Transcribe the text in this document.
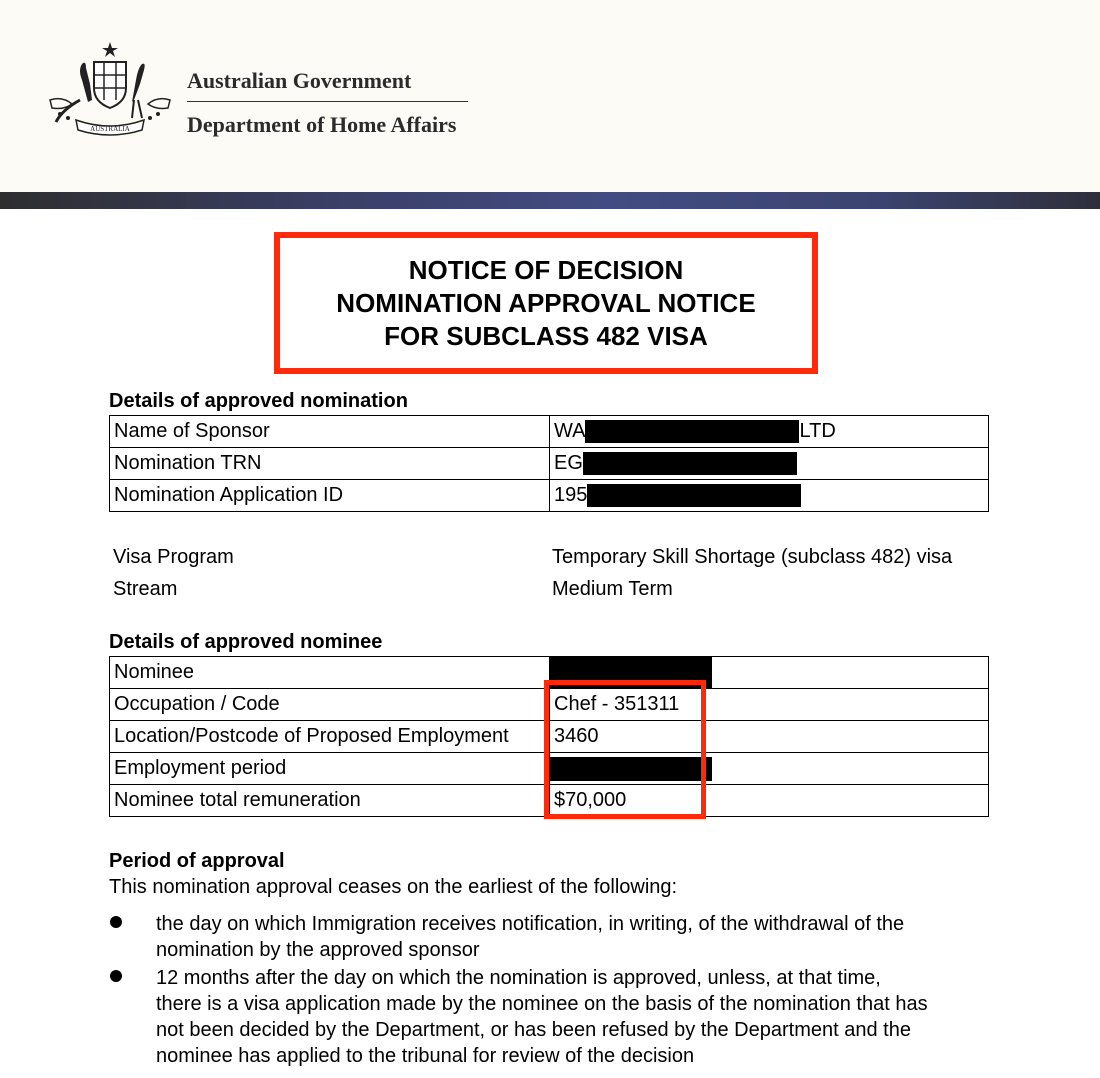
AUSTRALIA
Australian Government
Department of Home Affairs
NOTICE OF DECISION
NOMINATION APPROVAL NOTICE
FOR SUBCLASS 482 VISA
Details of approved nomination
Name of Sponsor	WA LTD
Nomination TRN	EG
Nomination Application ID	195
Visa Program	Temporary Skill Shortage (subclass 482) visa
Stream	Medium Term
Details of approved nominee
Nominee	
Occupation / Code	Chef - 351311
Location/Postcode of Proposed Employment	3460
Employment period	
Nominee total remuneration	$70,000
Period of approval
This nomination approval ceases on the earliest of the following:
the day on which Immigration receives notification, in writing, of the withdrawal of the
nomination by the approved sponsor
12 months after the day on which the nomination is approved, unless, at that time,
there is a visa application made by the nominee on the basis of the nomination that has
not been decided by the Department, or has been refused by the Department and the
nominee has applied to the tribunal for review of the decision
